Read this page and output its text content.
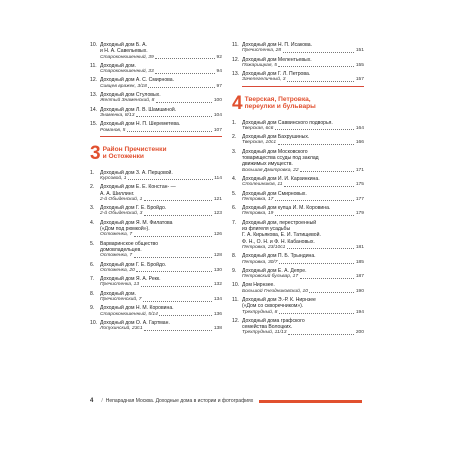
10. Доходный дом Б. А.
и Н. А. Савельевых.
Староконюшенный, 39	92
11. Доходный дом.
Староконюшенный, 33	94
12. Доходный дом А. С. Смирнова.
Сивцев вражек, 3/18	97
13. Доходный дом Стуловых.
Желтый Знаменский, 8	100
14. Доходный дом Л. В. Шамшиной.
Знаменка, 8/13	104
15. Доходный дом Н. П. Шереметева.
Романов, 5	107
3 Район Пречистенки
и Остоженки
1. Доходный дом З. А. Перцовой.
Курсовой, 1	114
2. Доходный дом Е. Е. Констан- —
А. А. Шиллинг.
2-й Обыденский, 1	121
3. Доходный дом Г. Е. Бройдо.
2-й Обыденский, 3	123
4. Доходный дом Я. М. Филатова
(«Дом под рюмкой»).
Остоженка, 7	126
5. Варваринское общество
домовладельцев.
Остоженка, 7	128
6. Доходный дом Г. Е. Бройдо.
Остоженка, 20	130
7. Доходный дом Я. А. Рекк.
Пречистенка, 13	132
8. Доходный дом.
Пречистенский, 7	134
9. Доходный дом Н. М. Коровина.
Староконюшенный, 5/14	136
10. Доходный дом О. А. Гартман.
Лопухинский, 23с1	138
11. Доходный дом Н. П. Исакова.
Пречистенка, 28	151
12. Доходный дом Мелентьевых.
Пожарищкая, 5	155
13. Доходный дом Г. Л. Петрова.
Зачепегеличный, 3	157
4 Тверская, Петровка,
переулки и бульвары
1. Доходный дом Саввинского подворья.
Тверская, 6с6	164
2. Доходный дом Бахрушиных.
Тверская, 10с1	166
3. Доходный дом Московского
товарищества ссуды под заклад
движимых имуществ.
Большая Дмитровка, 22	171
4. Доходный дом И. И. Карзинкина.
Столешников, 11	175
5. Доходный дом Смирновых.
Петровка, 17	177
6. Доходный дом купца И. М. Коровина.
Петровка, 19	179
7. Доходный дом, перестроенный
из флигеля усадьбы
Г. А. Кирьякова, Е. И. Татищевой.
Ф. Н., О. Н. и Ф. Н. Кабановых.
Петровка, 23/10с1	181
8. Доходный дом П. Б. Трындина.
Петровка, 30/7	185
9. Доходный дом Е. А. Депре.
Петровский бульвар, 17	187
10. Дом Нирнзее.
Большой Гнездниковский, 10	190
11. Доходный дом Э.-Р. К. Нирнзее
(«Дом со скворечником»).
Трехпрудный, 8	194
12. Доходный дома графского
семейства Волоцких.
Трехпрудный, 11/13	200
4 / Непарадная Москва. Доходные дома в истории и фотографиях
